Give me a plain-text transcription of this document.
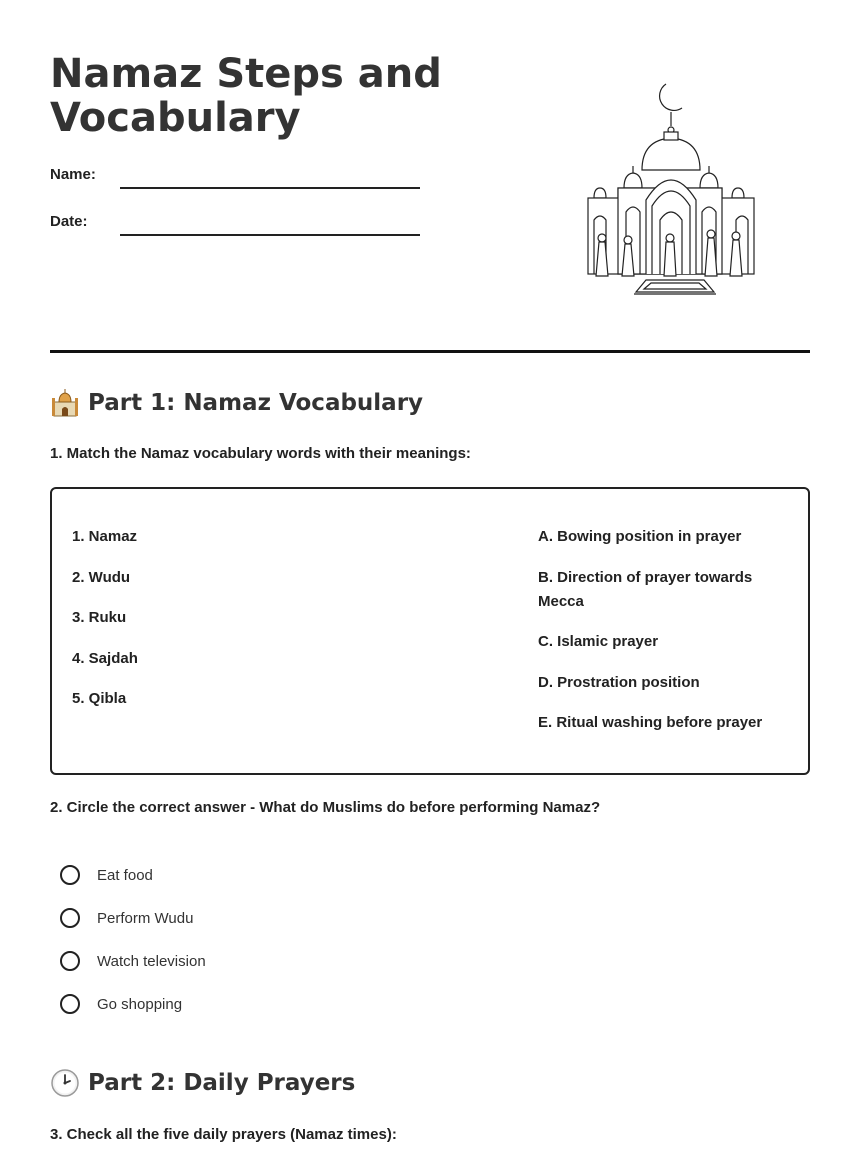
Namaz Steps and Vocabulary
Name:
Date:
Part 1: Namaz Vocabulary
1. Match the Namaz vocabulary words with their meanings:
1. Namaz
2. Wudu
3. Ruku
4. Sajdah
5. Qibla
A. Bowing position in prayer
B. Direction of prayer towards Mecca
C. Islamic prayer
D. Prostration position
E. Ritual washing before prayer
2. Circle the correct answer - What do Muslims do before performing Namaz?
Eat food
Perform Wudu
Watch television
Go shopping
Part 2: Daily Prayers
3. Check all the five daily prayers (Namaz times):
